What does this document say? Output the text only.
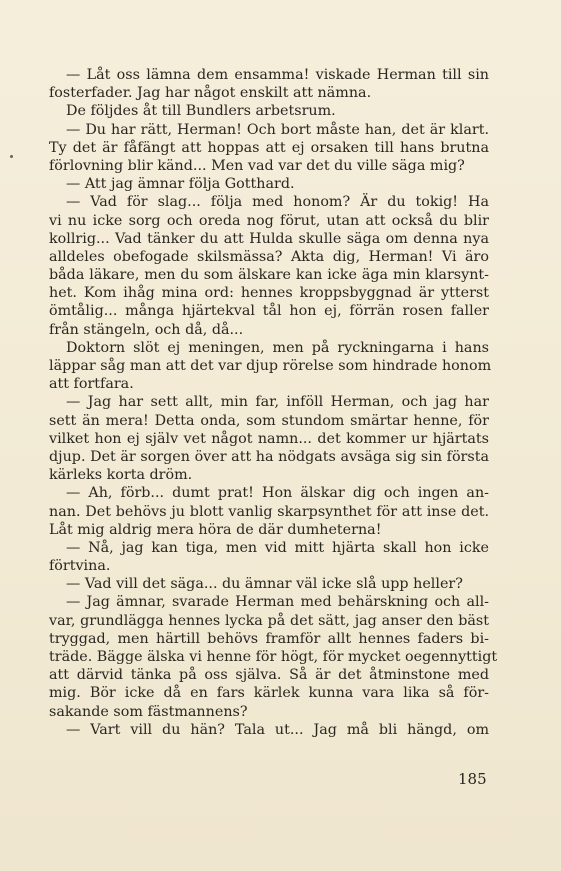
— Låt oss lämna dem ensamma! viskade Herman till sin
fosterfader. Jag har något enskilt att nämna.
De följdes åt till Bundlers arbetsrum.
— Du har rätt, Herman! Och bort måste han, det är klart.
Ty det är fåfängt att hoppas att ej orsaken till hans brutna
förlovning blir känd... Men vad var det du ville säga mig?
— Att jag ämnar följa Gotthard.
— Vad för slag... följa med honom? Är du tokig! Ha
vi nu icke sorg och oreda nog förut, utan att också du blir
kollrig... Vad tänker du att Hulda skulle säga om denna nya
alldeles obefogade skilsmässa? Akta dig, Herman! Vi äro
båda läkare, men du som älskare kan icke äga min klarsynt-
het. Kom ihåg mina ord: hennes kroppsbyggnad är ytterst
ömtålig... många hjärtekval tål hon ej, förrän rosen faller
från stängeln, och då, då...
Doktorn slöt ej meningen, men på ryckningarna i hans
läppar såg man att det var djup rörelse som hindrade honom
att fortfara.
— Jag har sett allt, min far, inföll Herman, och jag har
sett än mera! Detta onda, som stundom smärtar henne, för
vilket hon ej själv vet något namn... det kommer ur hjärtats
djup. Det är sorgen över att ha nödgats avsäga sig sin första
kärleks korta dröm.
— Ah, förb... dumt prat! Hon älskar dig och ingen an-
nan. Det behövs ju blott vanlig skarpsynthet för att inse det.
Låt mig aldrig mera höra de där dumheterna!
— Nå, jag kan tiga, men vid mitt hjärta skall hon icke
förtvina.
— Vad vill det säga... du ämnar väl icke slå upp heller?
— Jag ämnar, svarade Herman med behärskning och all-
var, grundlägga hennes lycka på det sätt, jag anser den bäst
tryggad, men härtill behövs framför allt hennes faders bi-
träde. Bägge älska vi henne för högt, för mycket oegennyttigt
att därvid tänka på oss själva. Så är det åtminstone med
mig. Bör icke då en fars kärlek kunna vara lika så för-
sakande som fästmannens?
— Vart vill du hän? Tala ut... Jag må bli hängd, om
185
